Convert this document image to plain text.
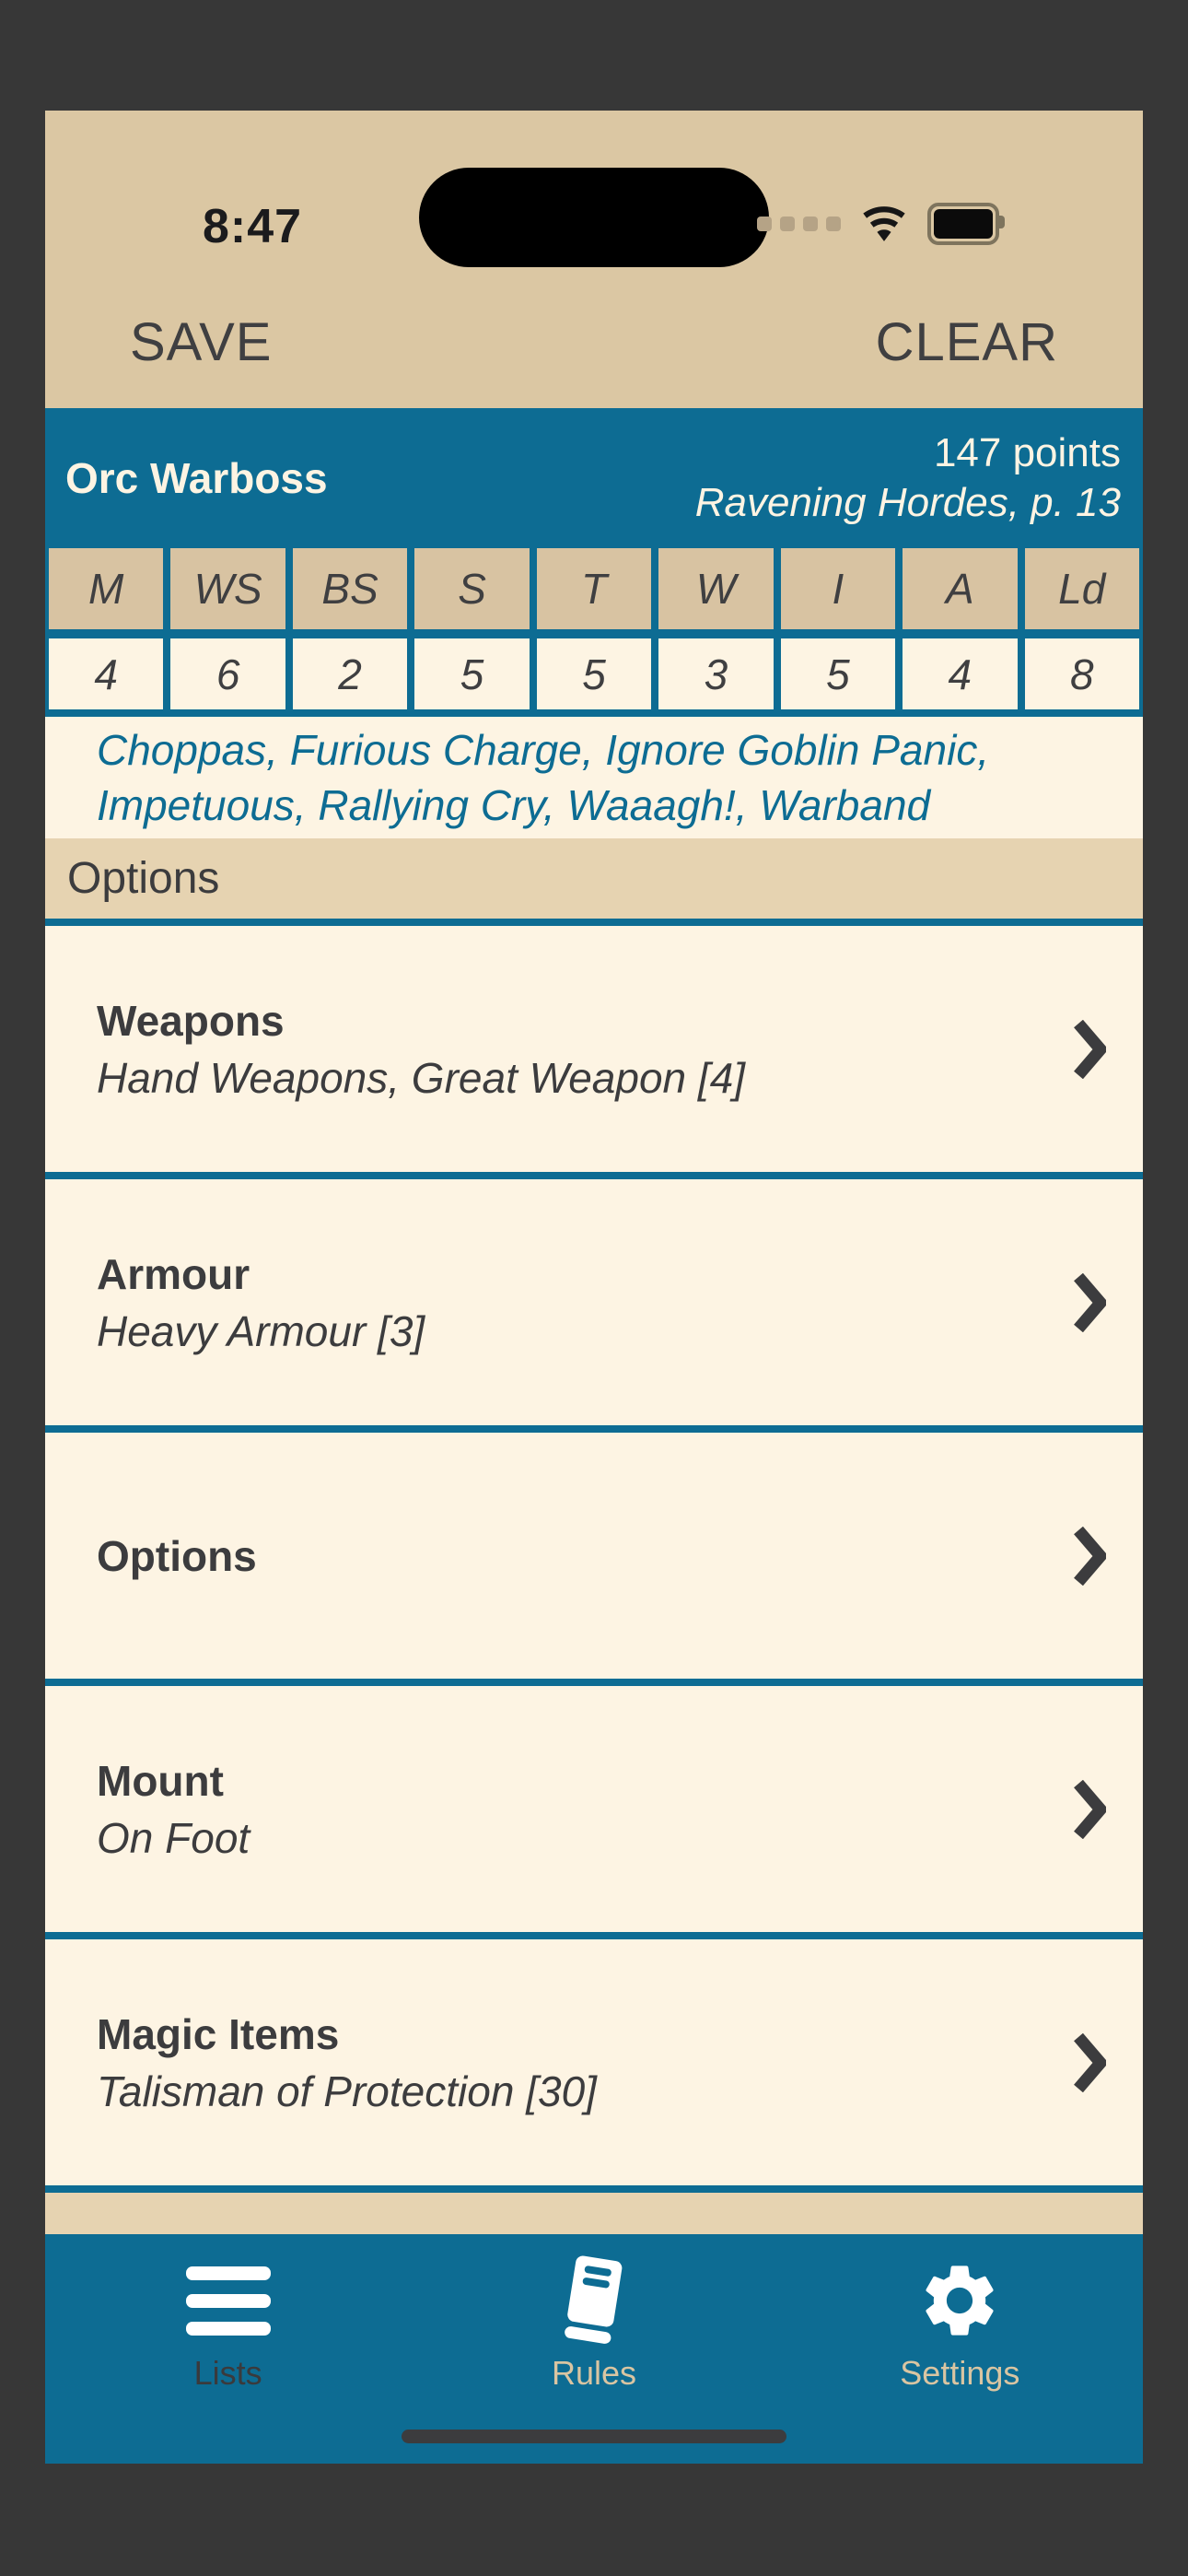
8:47
SAVE	CLEAR
Orc Warboss
147 points
Ravening Hordes, p. 13
M	WS	BS	S	T	W	I	A	Ld
4	6	2	5	5	3	5	4	8

Choppas, Furious Charge, Ignore Goblin Panic, Impetuous, Rallying Cry, Waaagh!, Warband

Options
Weapons
Hand Weapons, Great Weapon [4]
Armour
Heavy Armour [3]
Options
Mount
On Foot
Magic Items
Talisman of Protection [30]
Lists	Rules	Settings
